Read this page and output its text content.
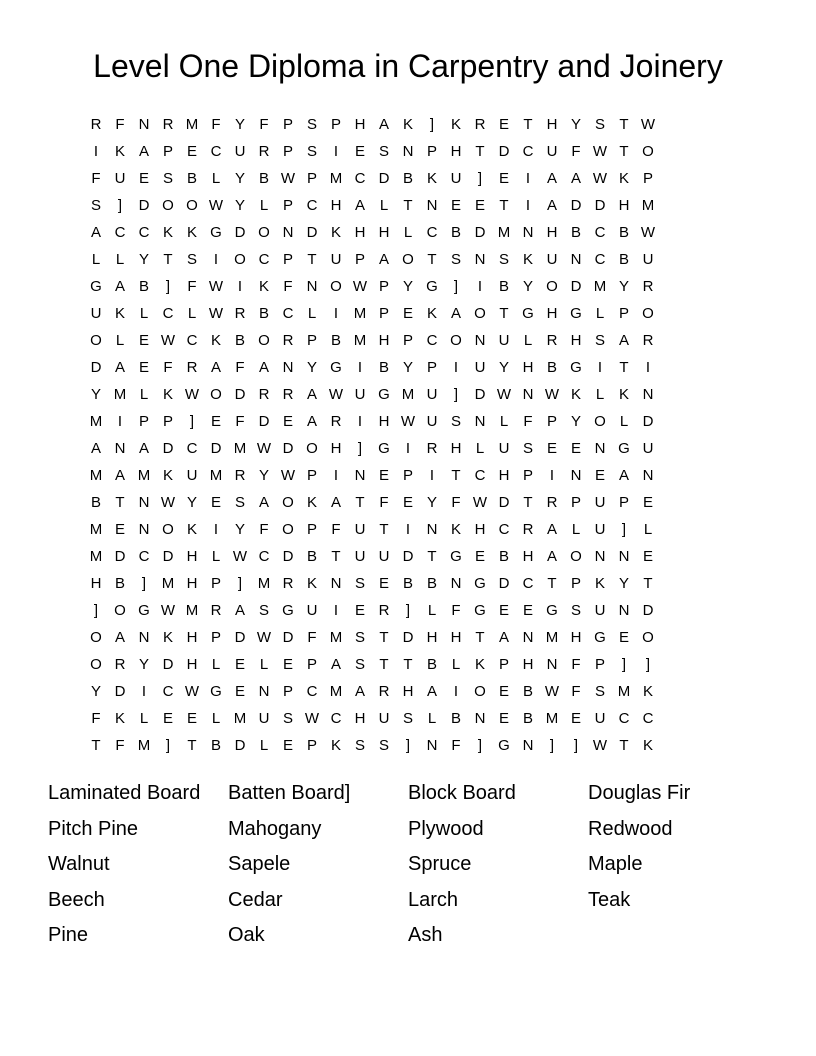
Level One Diploma in Carpentry and Joinery
R F N R M F Y F P S P H A K	]	K R E T H Y S T W
I	K A P E C U R P S	I	E S N P H T D C U F W T O
F U E S B L Y B W P M C D B K U	]	E	I	A A W K P
S	]	D O O W Y L P C H A L	T N E E T	I	A D D H M
A C C K K G D O N D K H H L C B D M N H B C B W
L	L Y T S	I	O C P T U P A O T S N S K U N C B U
G A B	]	F W I	K F N O W P Y G	]	I	B Y O D M Y R
U K L C L W R B C L	I	M P E K A O T G H G L P O
O L E W C K B O R P B M H P C O N U L R H S A R
D A E F R A F A N Y G	I	B Y P	I	U Y H B G	I	T	I
Y M L K W O D R R A W U G M U	]	D W N W K L K N
M	I	P P	]	E F D E A R	I	H W U S N L	F P Y O L D
A N A D C D M W D O H	]	G	I	R H L U S E E N G U
M A M K U M R Y W P	I	N E P	I	T C H P	I	N E A N
B T N W Y E S A O K A T F E Y F W D T R P U P E
M E N O K	I	Y F O P F U T	I	N K H C R A L U	]	L
M D C D H L W C D B T U U D T G E B H A O N N E
H B	]	M H P	]	M R K N S E B B N G D C T P K Y T
]	O G W M R A S G U	I	E R	]	L	F G E E G S U N D
O A N K H P D W D F M S T D H H T A N M H G E O
O R Y D H L E L E P A S T T B L K P H N F P	]	]
Y D	I	C W G E N P C M A R H A	I	O E B W F S M K
F K L E E L M U S W C H U S L B N E B M E U C C
T F M	]	T B D L E P K S S	]	N F	]	G N	]	] W T K
Laminated Board	Batten Board]	Block Board	Douglas Fir
Pitch Pine	Mahogany	Plywood	Redwood
Walnut	Sapele	Spruce	Maple
Beech	Cedar	Larch	Teak
Pine	Oak	Ash
